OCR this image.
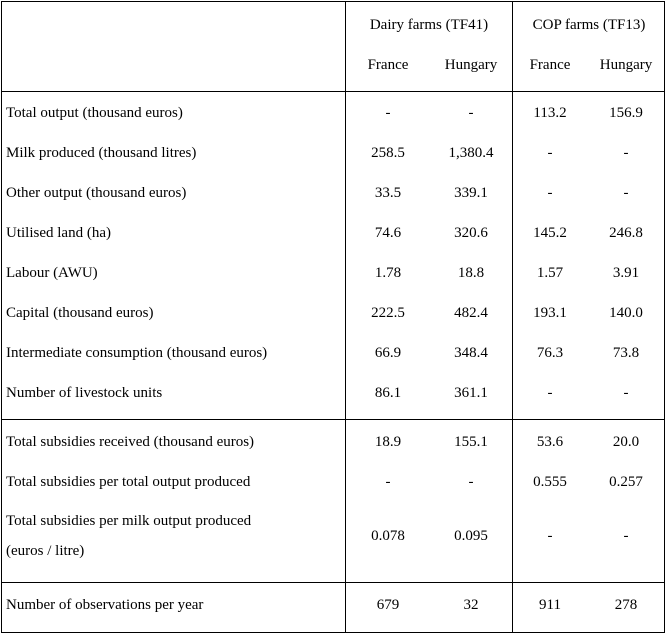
Dairy farms (TF41)	COP farms (TF13)
France	Hungary	France	Hungary
Total output (thousand euros)	-	-	113.2	156.9
Milk produced (thousand litres)	258.5	1,380.4	-	-
Other output (thousand euros)	33.5	339.1	-	-
Utilised land (ha)	74.6	320.6	145.2	246.8
Labour (AWU)	1.78	18.8	1.57	3.91
Capital (thousand euros)	222.5	482.4	193.1	140.0
Intermediate consumption (thousand euros)	66.9	348.4	76.3	73.8
Number of livestock units	86.1	361.1	-	-
Total subsidies received (thousand euros)	18.9	155.1	53.6	20.0
Total subsidies per total output produced	-	-	0.555	0.257
Total subsidies per milk output produced
(euros / litre)
0.078	0.095	-	-
Number of observations per year	679	32	911	278
